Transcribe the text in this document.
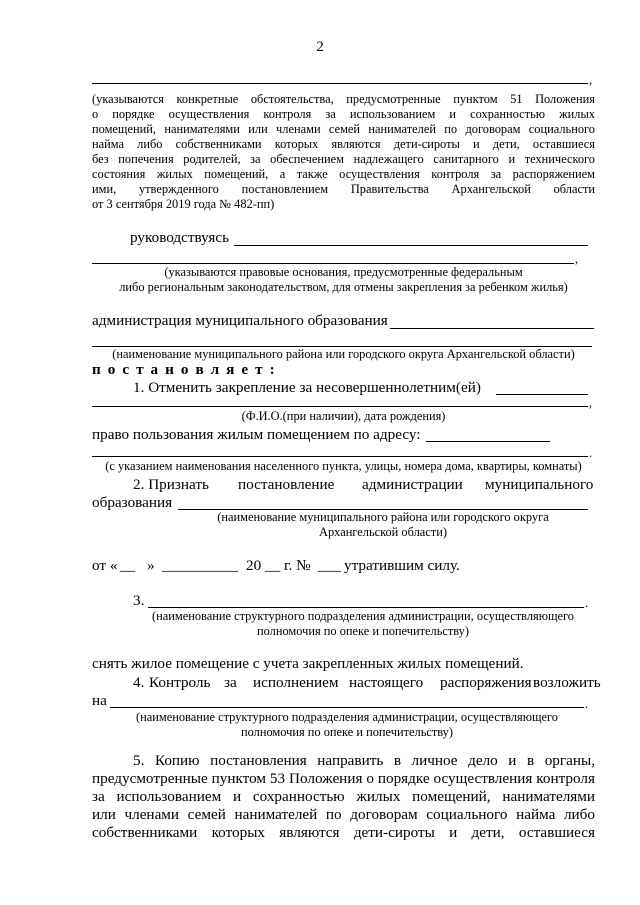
2
,
(указываются конкретные обстоятельства, предусмотренные пунктом 51 Положения
о порядке осуществления контроля за использованием и сохранностью жилых
помещений, нанимателями или членами семей нанимателей по договорам социального
найма либо собственниками которых являются дети-сироты и дети, оставшиеся
без попечения родителей, за обеспечением надлежащего санитарного и технического
состояния жилых помещений, а также осуществления контроля за распоряжением
ими, утвержденного постановлением Правительства Архангельской области
от 3 сентября 2019 года № 482-пп)
руководствуясь
,
(указываются правовые основания, предусмотренные федеральным
либо региональным законодательством, для отмены закрепления за ребенком жилья)
администрация муниципального образования
(наименование муниципального района или городского округа Архангельской области)
п о с т а н о в л я е т :
1. Отменить закрепление за несовершеннолетним(ей)
,
(Ф.И.О.(при наличии), дата рождения)
право пользования жилым помещением по адресу:
.
(с указанием наименования населенного пункта, улицы, номера дома, квартиры, комнаты)
2. Признать постановление администрации муниципального
образования
(наименование муниципального района или городского округа
Архангельской области)
от « __ » __________ 20 __ г. № ___ утратившим силу.
3.	.
(наименование структурного подразделения администрации, осуществляющего
полномочия по опеке и попечительству)
снять жилое помещение с учета закрепленных жилых помещений.
4. Контроль за исполнением настоящего распоряжения возложить
на	.
(наименование структурного подразделения администрации, осуществляющего
полномочия по опеке и попечительству)
5. Копию постановления направить в личное дело и в органы,
предусмотренные пунктом 53 Положения о порядке осуществления контроля
за использованием и сохранностью жилых помещений, нанимателями
или членами семей нанимателей по договорам социального найма либо
собственниками которых являются дети-сироты и дети, оставшиеся
